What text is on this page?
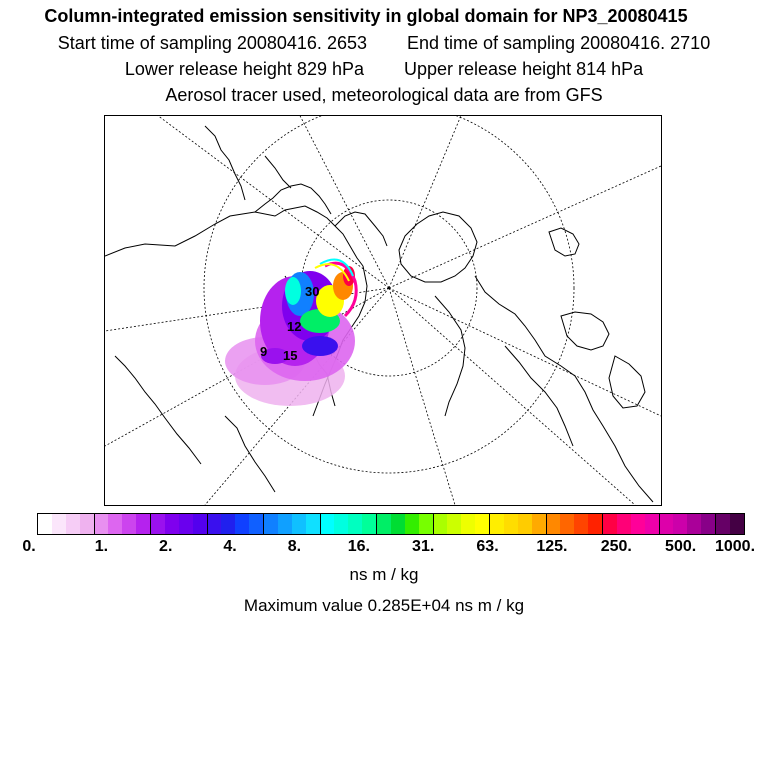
Column-integrated emission sensitivity in global domain for NP3_20080415
Start time of sampling 20080416. 2653 End time of sampling 20080416. 2710
Lower release height 829 hPa Upper release height 814 hPa
Aerosol tracer used, meteorological data are from GFS
30
12
9 15
0.	1.	2.	4.	8.	16.	31.	63. 125. 250. 500. 1000.
ns m / kg
Maximum value 0.285E+04 ns m / kg
